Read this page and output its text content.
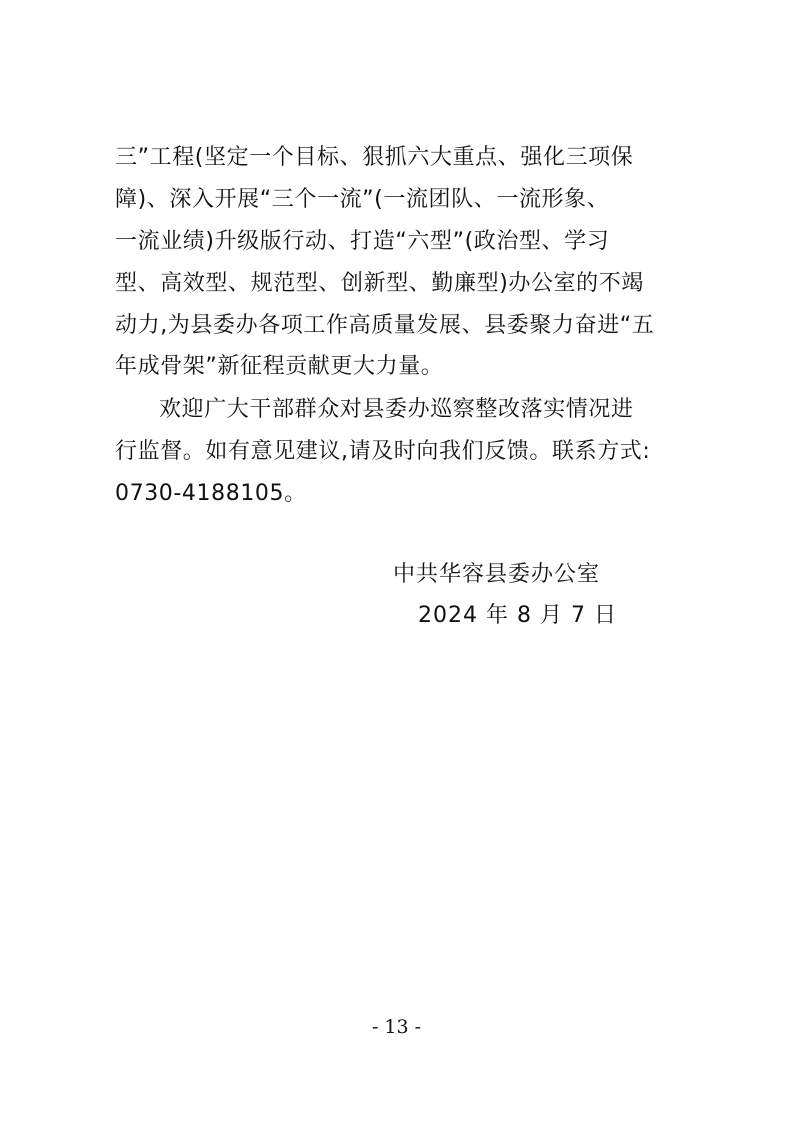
三”工程(坚定一个目标、狠抓六大重点、强化三项保
障)、深入开展“三个一流”(一流团队、一流形象、
一流业绩)升级版行动、打造“六型”(政治型、学习
型、高效型、规范型、创新型、勤廉型)办公室的不竭
动力,为县委办各项工作高质量发展、县委聚力奋进“五
年成骨架”新征程贡献更大力量。
欢迎广大干部群众对县委办巡察整改落实情况进
行监督。如有意见建议,请及时向我们反馈。联系方式:
0730-4188105。
中共华容县委办公室
2024 年 8 月 7 日
- 13 -
